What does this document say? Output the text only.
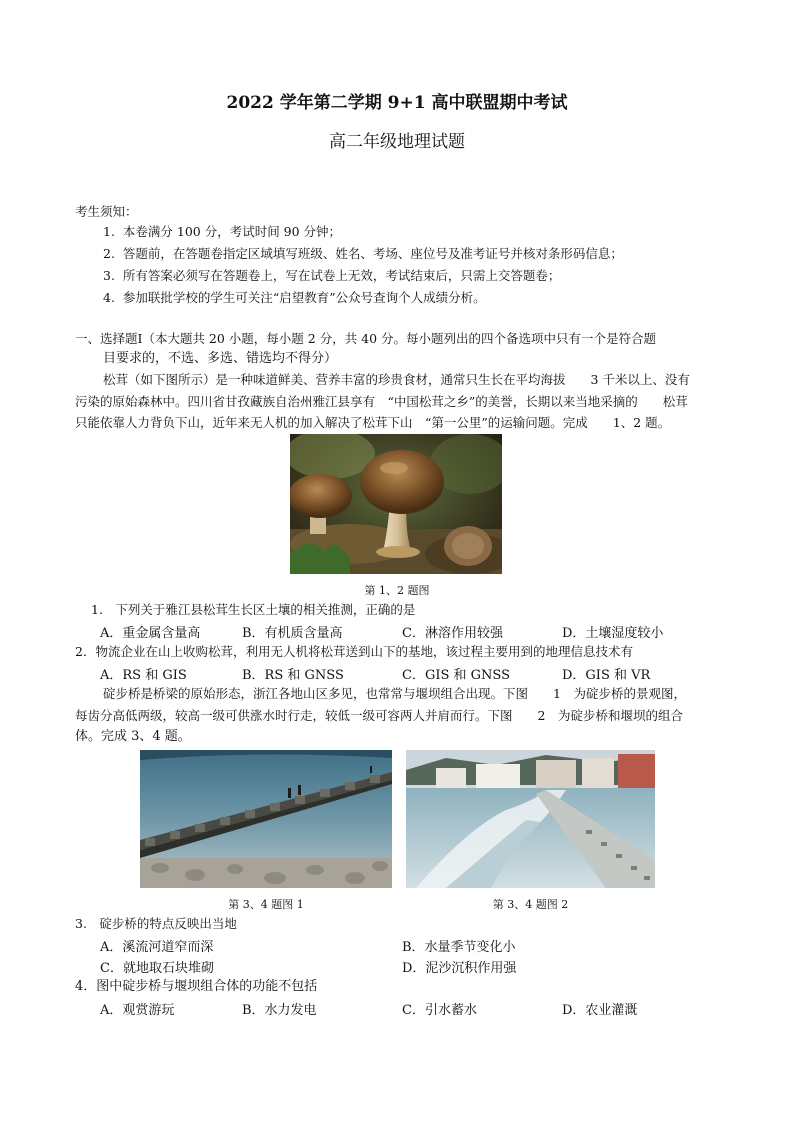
2022 学年第二学期 9+1 高中联盟期中考试
高二年级地理试题
考生须知：
1. 本卷满分 100 分，考试时间 90 分钟；
2. 答题前，在答题卷指定区域填写班级、姓名、考场、座位号及准考证号并核对条形码信息；
3. 所有答案必须写在答题卷上，写在试卷上无效，考试结束后，只需上交答题卷；
4. 参加联批学校的学生可关注“启望教育”公众号查询个人成绩分析。
一、选择题Ⅰ（本大题共 20 小题，每小题 2 分，共 40 分。每小题列出的四个备选项中只有一个是符合题
目要求的，不选、多选、错选均不得分）
松茸（如下图所示）是一种味道鲜美、营养丰富的珍贵食材，通常只生长在平均海拔　　3 千米以上、没有
污染的原始森林中。四川省甘孜藏族自治州雅江县享有　“中国松茸之乡”的美誉，长期以来当地采摘的　　松茸
只能依靠人力背负下山，近年来无人机的加入解决了松茸下山　“第一公里”的运输问题。完成　　1、2 题。
第 1、2 题图
1.　下列关于雅江县松茸生长区土壤的相关推测，正确的是
A．重金属含量高	B．有机质含量高	C．淋溶作用较强	D．土壤湿度较小
2．物流企业在山上收购松茸，利用无人机将松茸送到山下的基地，该过程主要用到的地理信息技术有
A．RS 和 GIS	B．RS 和 GNSS	C．GIS 和 GNSS	D．GIS 和 VR
碇步桥是桥梁的原始形态，浙江各地山区多见，也常常与堰坝组合出现。下图　　1　为碇步桥的景观图，
每齿分高低两级，较高一级可供涨水时行走，较低一级可容两人并肩而行。下图　　2　为碇步桥和堰坝的组合
体。完成 3、4 题。
第 3、4 题图 1	第 3、4 题图 2
3.　碇步桥的特点反映出当地
A．溪流河道窄而深	B．水量季节变化小
C．就地取石块堆砌	D．泥沙沉积作用强
4．图中碇步桥与堰坝组合体的功能不包括
A．观赏游玩	B．水力发电	C．引水蓄水	D．农业灌溉
